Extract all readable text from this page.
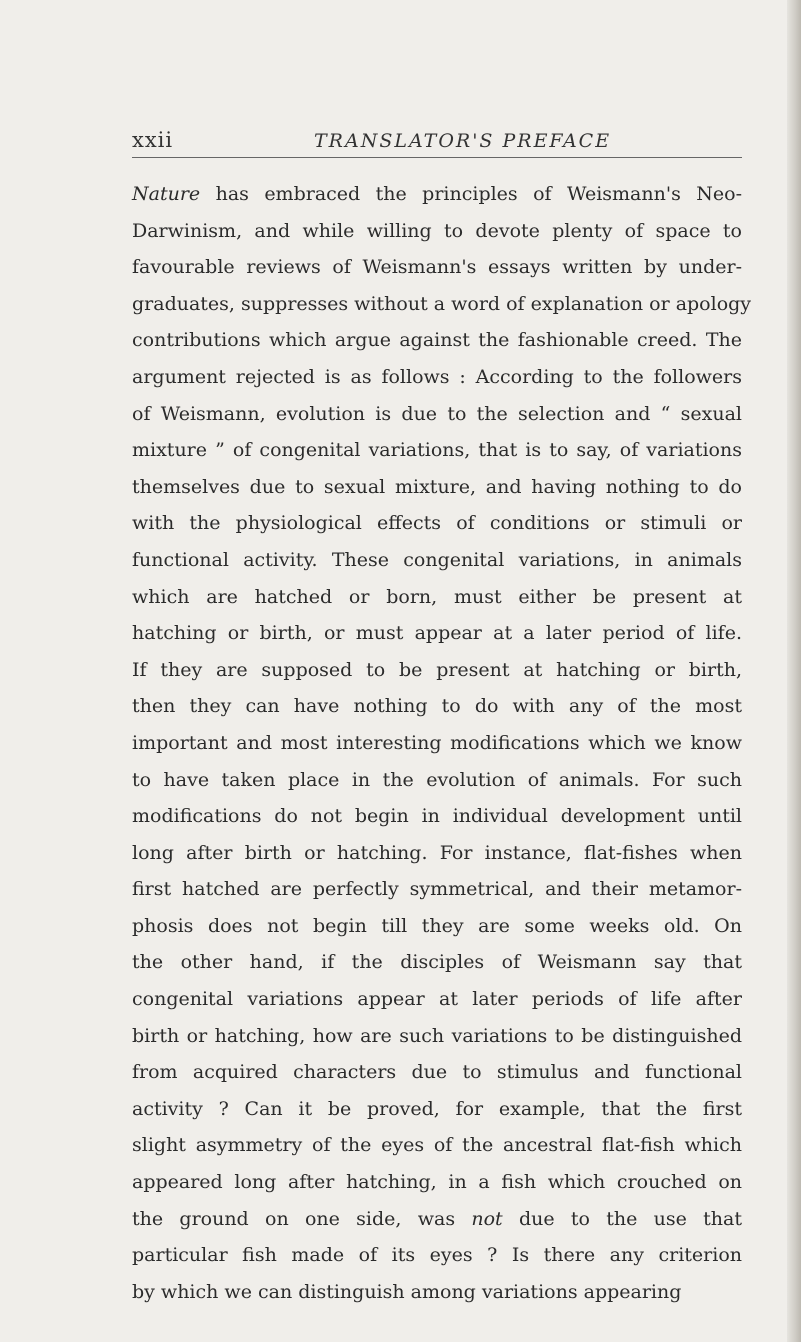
xxii	TRANSLATOR'S PREFACE
Nature has embraced the principles of Weismann's Neo-
Darwinism, and while willing to devote plenty of space to
favourable reviews of Weismann's essays written by under-
graduates, suppresses without a word of explanation or apology
contributions which argue against the fashionable creed. The
argument rejected is as follows : According to the followers
of Weismann, evolution is due to the selection and “ sexual
mixture ” of congenital variations, that is to say, of variations
themselves due to sexual mixture, and having nothing to do
with the physiological effects of conditions or stimuli or
functional activity. These congenital variations, in animals
which are hatched or born, must either be present at
hatching or birth, or must appear at a later period of life.
If they are supposed to be present at hatching or birth,
then they can have nothing to do with any of the most
important and most interesting modifications which we know
to have taken place in the evolution of animals. For such
modifications do not begin in individual development until
long after birth or hatching. For instance, flat-fishes when
first hatched are perfectly symmetrical, and their metamor-
phosis does not begin till they are some weeks old. On
the other hand, if the disciples of Weismann say that
congenital variations appear at later periods of life after
birth or hatching, how are such variations to be distinguished
from acquired characters due to stimulus and functional
activity ? Can it be proved, for example, that the first
slight asymmetry of the eyes of the ancestral flat-fish which
appeared long after hatching, in a fish which crouched on
the ground on one side, was not due to the use that
particular fish made of its eyes ? Is there any criterion
by which we can distinguish among variations appearing
